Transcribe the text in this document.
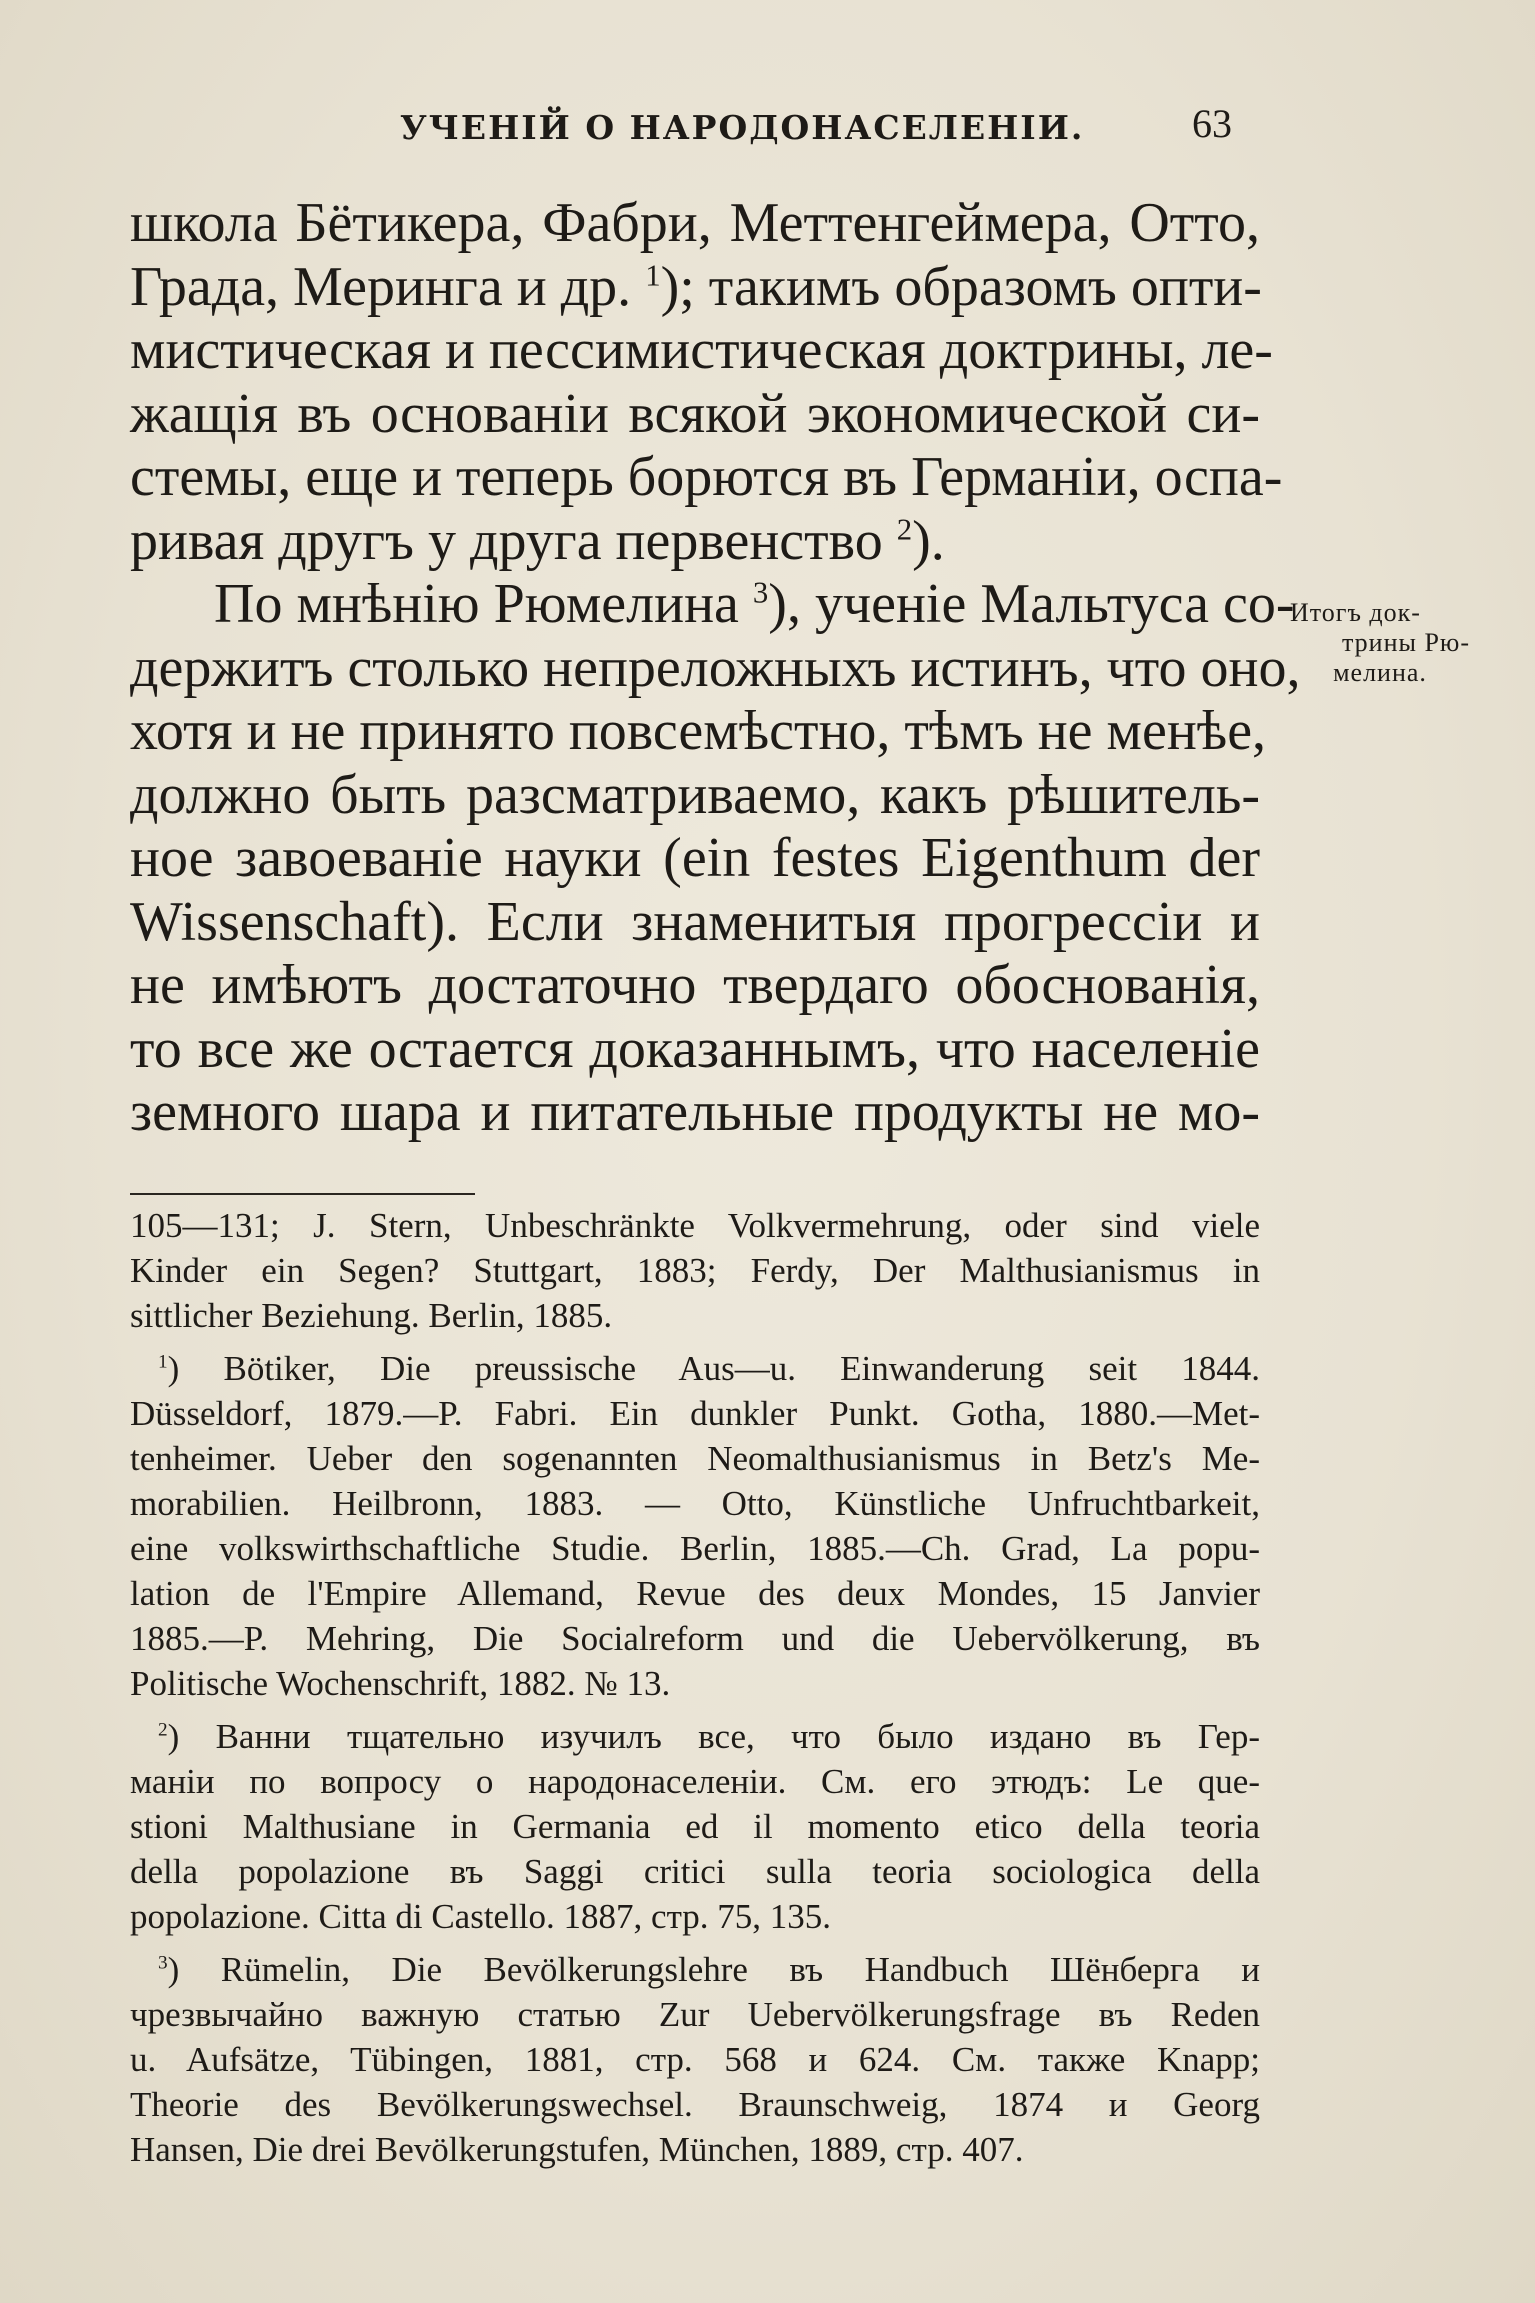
УЧЕНІЙ О НАРОДОНАСЕЛЕНІИ.	63

школа Бётикера, Фабри, Меттенгеймера, Отто,
Града, Меринга и др. $^1$); такимъ образомъ опти-
мистическая и пессимистическая доктрины, ле-
жащія въ основаніи всякой экономической си-
стемы, еще и теперь борются въ Германіи, оспа-
ривая другъ у друга первенство $^2$).

По мнѣнію Рюмелина $^3$), ученіе Мальтуса со-
держитъ столько непреложныхъ истинъ, что оно,
хотя и не принято повсемѣстно, тѣмъ не менѣе,
должно быть разсматриваемо, какъ рѣшитель-
ное завоеваніе науки (ein festes Eigenthum der
Wissenschaft). Если знаменитыя прогрессіи и
не имѣютъ достаточно твердаго обоснованія,
то все же остается доказаннымъ, что населеніе
земного шара и питательные продукты не мо-

Итогъ док-
трины Рю-
мелина.
105—131; J. Stern, Unbeschränkte Volkvermehrung, oder sind viele
Kinder ein Segen? Stuttgart, 1883; Ferdy, Der Malthusianismus in
sittlicher Beziehung. Berlin, 1885.
$^1$) Bötiker, Die preussische Aus—u. Einwanderung seit 1844.
Düsseldorf, 1879.—P. Fabri. Ein dunkler Punkt. Gotha, 1880.—Met-
tenheimer. Ueber den sogenannten Neomalthusianismus in Betz's Me-
morabilien. Heilbronn, 1883. — Otto, Künstliche Unfruchtbarkeit,
eine volkswirthschaftliche Studie. Berlin, 1885.—Ch. Grad, La popu-
lation de l'Empire Allemand, Revue des deux Mondes, 15 Janvier
1885.—P. Mehring, Die Socialreform und die Uebervölkerung, въ
Politische Wochenschrift, 1882. № 13.
$^2$) Ванни тщательно изучилъ все, что было издано въ Гер-
маніи по вопросу о народонаселеніи. См. его этюдъ: Le que-
stioni Malthusiane in Germania ed il momento etico della teoria
della popolazione въ Saggi critici sulla teoria sociologica della
popolazione. Citta di Castello. 1887, стр. 75, 135.
$^3$) Rümelin, Die Bevölkerungslehre въ Handbuch Шёнберга и
чрезвычайно важную статью Zur Uebervölkerungsfrage въ Reden
u. Aufsätze, Tübingen, 1881, стр. 568 и 624. См. также Knapp;
Theorie des Bevölkerungswechsel. Braunschweig, 1874 и Georg
Hansen, Die drei Bevölkerungstufen, München, 1889, стр. 407.
